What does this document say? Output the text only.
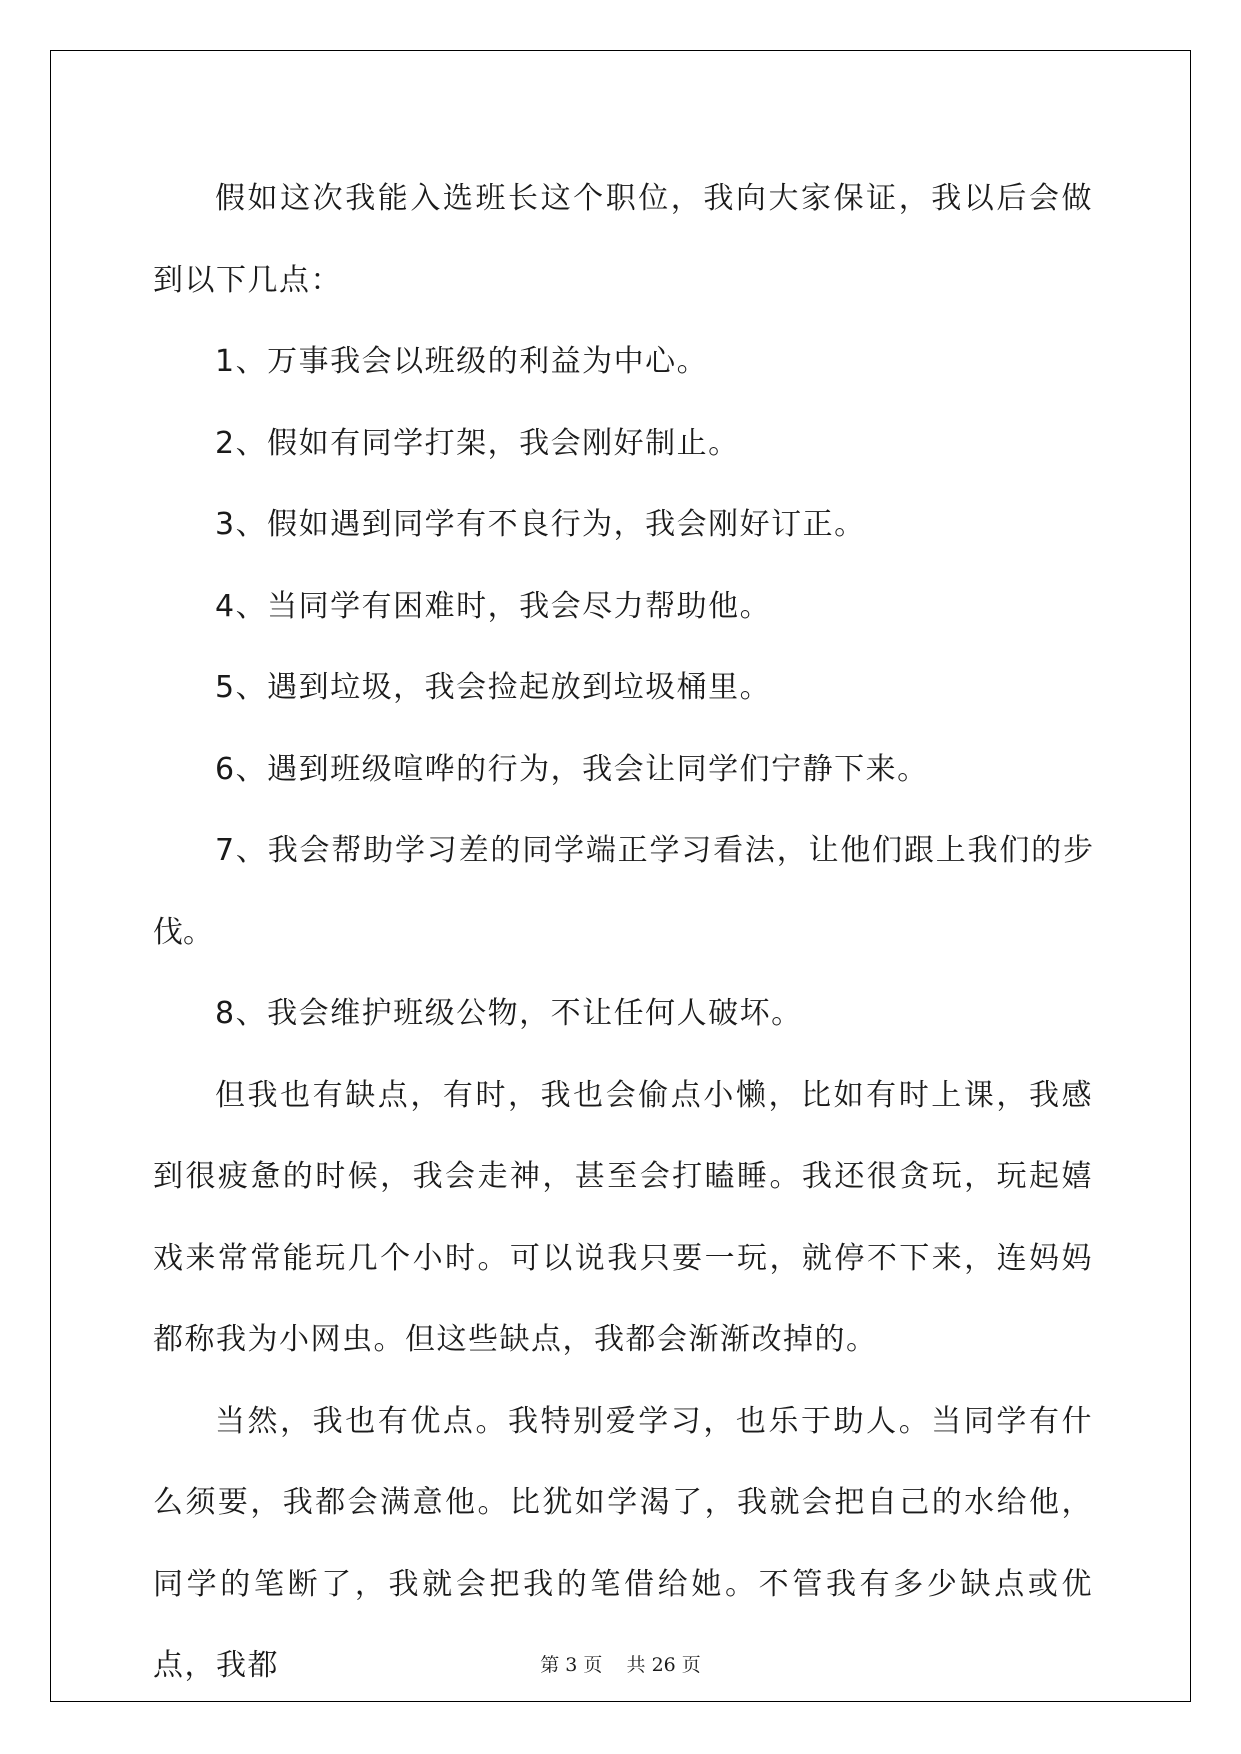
假如这次我能入选班长这个职位，我向大家保证，我以后会做到以下几点：

1、万事我会以班级的利益为中心。

2、假如有同学打架，我会刚好制止。

3、假如遇到同学有不良行为，我会刚好订正。

4、当同学有困难时，我会尽力帮助他。

5、遇到垃圾，我会捡起放到垃圾桶里。

6、遇到班级喧哗的行为，我会让同学们宁静下来。

7、我会帮助学习差的同学端正学习看法，让他们跟上我们的步伐。

8、我会维护班级公物，不让任何人破坏。

但我也有缺点，有时，我也会偷点小懒，比如有时上课，我感到很疲惫的时候，我会走神，甚至会打瞌睡。我还很贪玩，玩起嬉戏来常常能玩几个小时。可以说我只要一玩，就停不下来，连妈妈都称我为小网虫。但这些缺点，我都会渐渐改掉的。

当然，我也有优点。我特别爱学习，也乐于助人。当同学有什么须要，我都会满意他。比犹如学渴了，我就会把自己的水给他，同学的笔断了，我就会把我的笔借给她。不管我有多少缺点或优点，我都	第 3 页 共 26 页
